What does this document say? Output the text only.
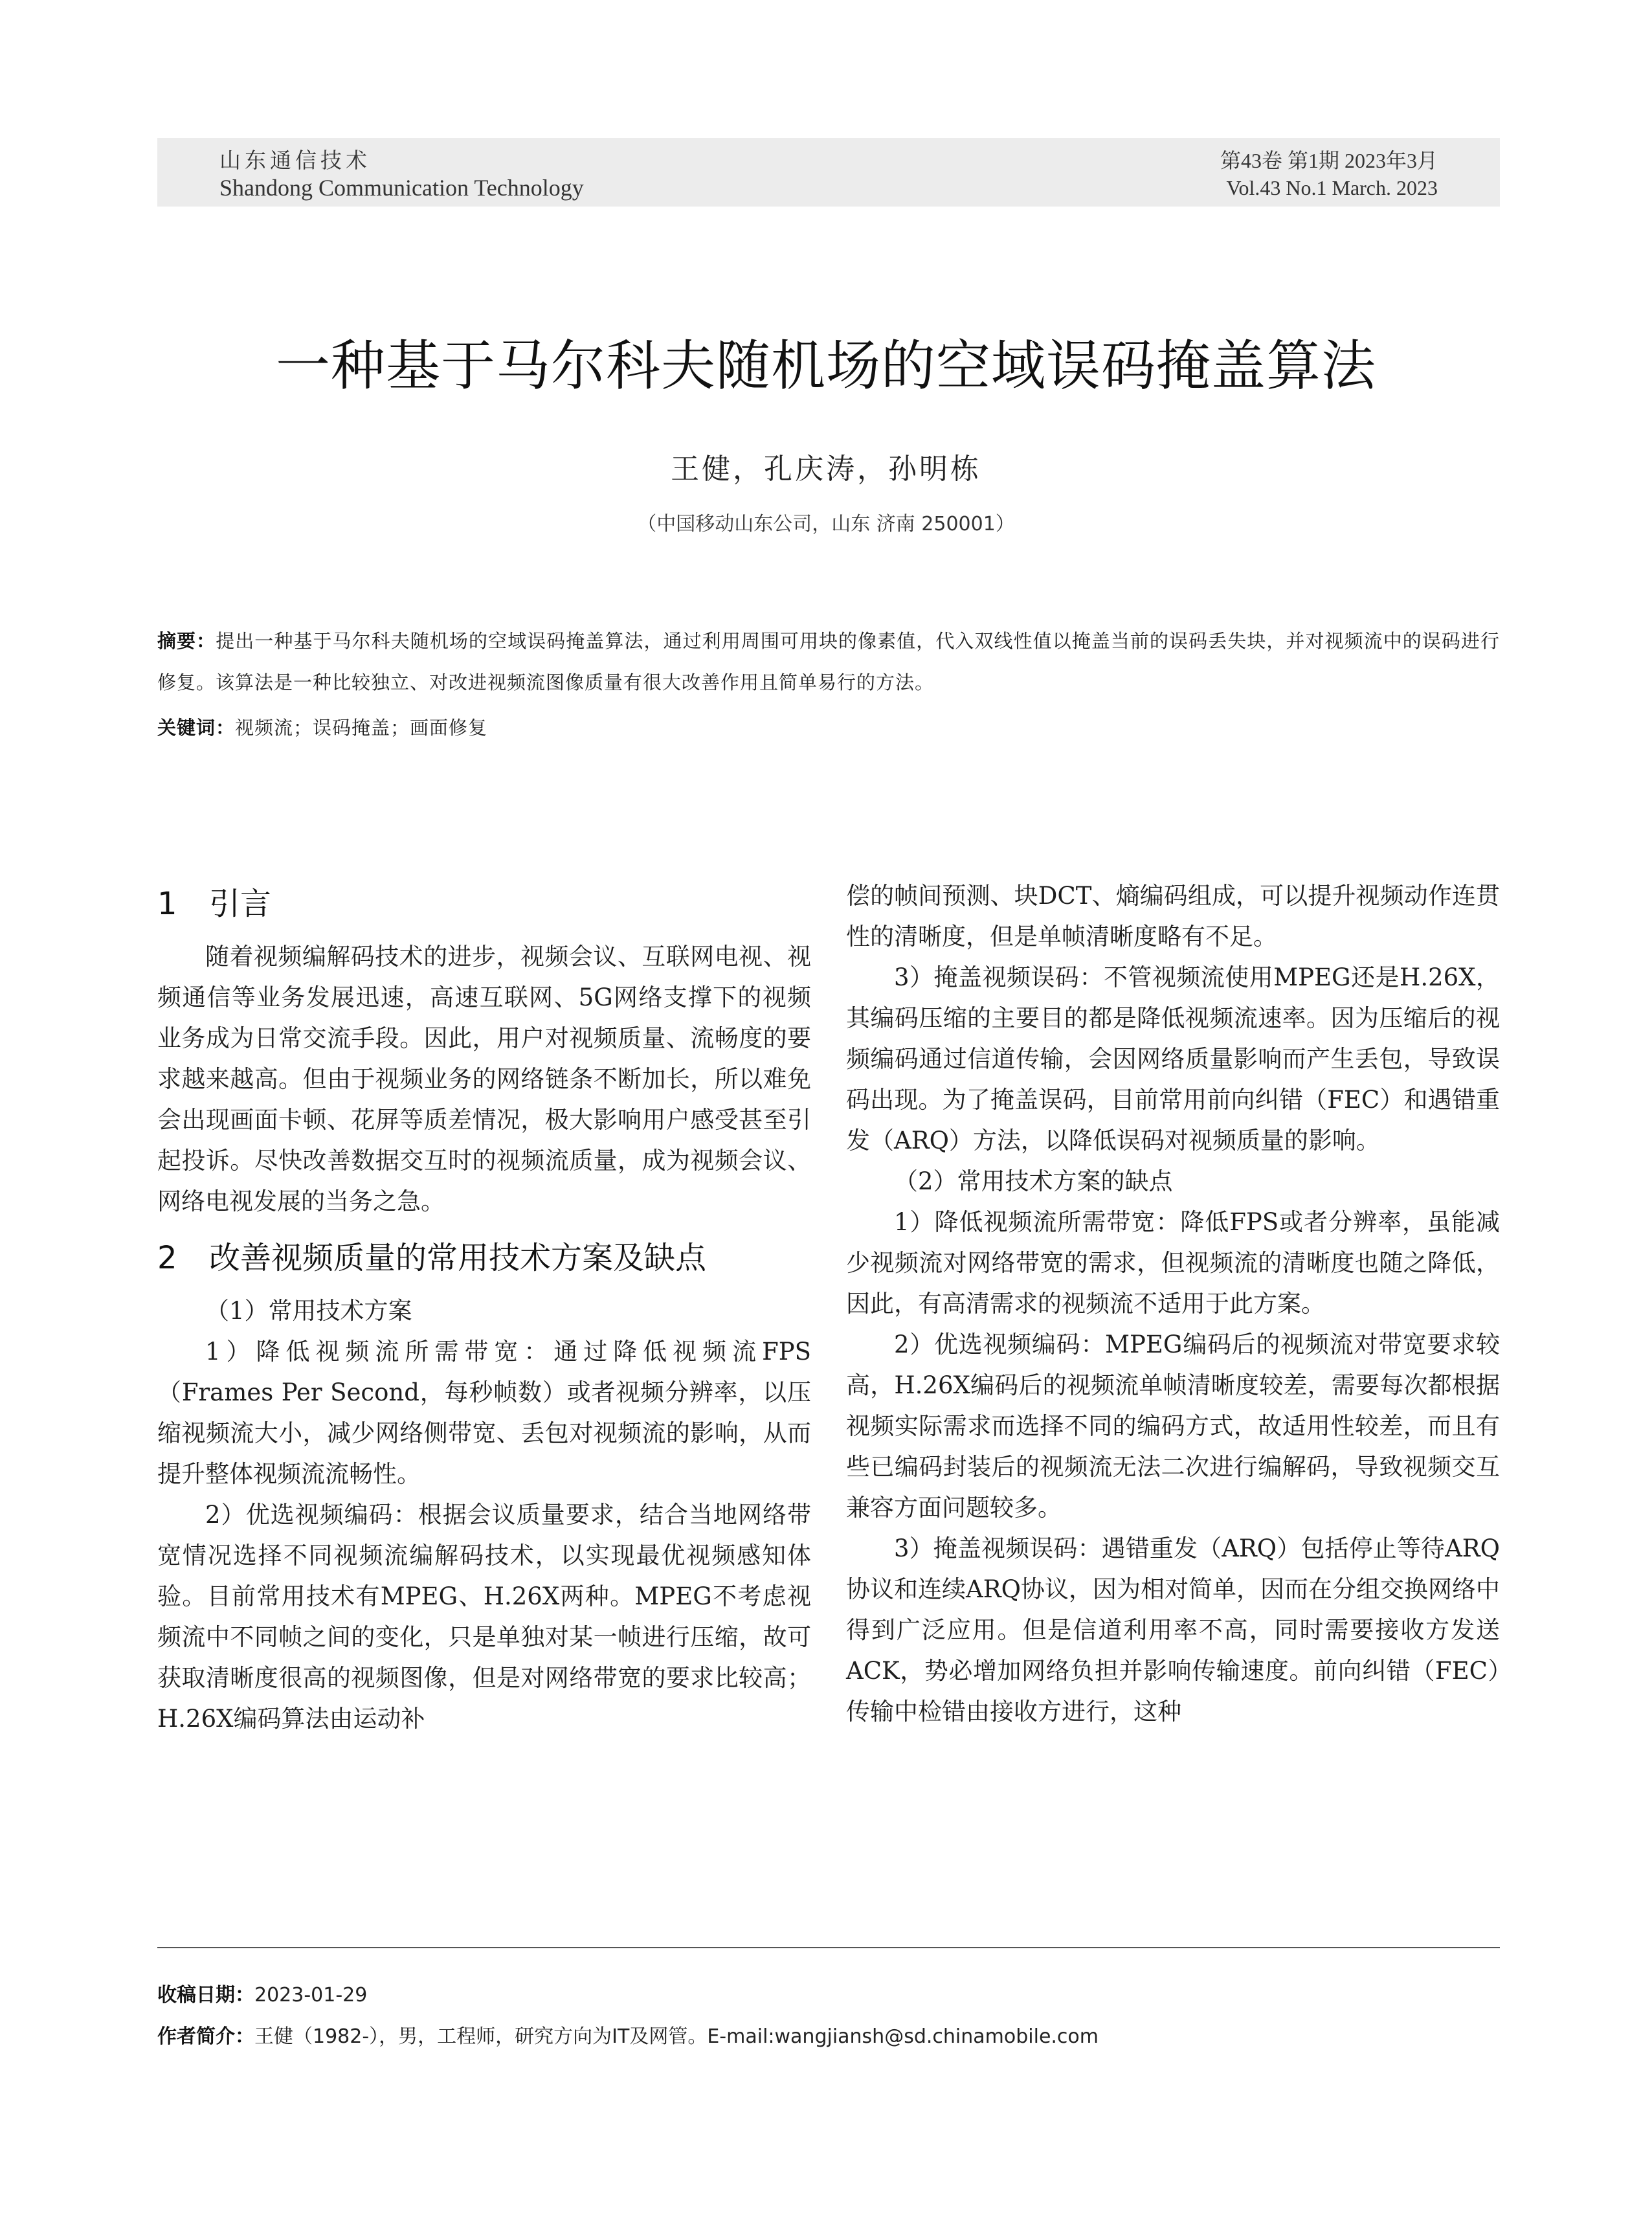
山东通信技术
Shandong Communication Technology
第43卷 第1期 2023年3月
Vol.43 No.1 March. 2023
一种基于马尔科夫随机场的空域误码掩盖算法
王健，孔庆涛，孙明栋
（中国移动山东公司，山东 济南 250001）
摘要：提出一种基于马尔科夫随机场的空域误码掩盖算法，通过利用周围可用块的像素值，代入双线性值以掩盖当前的误码丢失块，并对视频流中的误码进行修复。该算法是一种比较独立、对改进视频流图像质量有很大改善作用且简单易行的方法。
关键词：视频流；误码掩盖；画面修复
1 引言

随着视频编解码技术的进步，视频会议、互联网电视、视频通信等业务发展迅速，高速互联网、5G网络支撑下的视频业务成为日常交流手段。因此，用户对视频质量、流畅度的要求越来越高。但由于视频业务的网络链条不断加长，所以难免会出现画面卡顿、花屏等质差情况，极大影响用户感受甚至引起投诉。尽快改善数据交互时的视频流质量，成为视频会议、网络电视发展的当务之急。

2 改善视频质量的常用技术方案及缺点

（1）常用技术方案

1）降低视频流所需带宽：通过降低视频流FPS（Frames Per Second，每秒帧数）或者视频分辨率，以压缩视频流大小，减少网络侧带宽、丢包对视频流的影响，从而提升整体视频流流畅性。

2）优选视频编码：根据会议质量要求，结合当地网络带宽情况选择不同视频流编解码技术，以实现最优视频感知体验。目前常用技术有MPEG、H.26X两种。MPEG不考虑视频流中不同帧之间的变化，只是单独对某一帧进行压缩，故可获取清晰度很高的视频图像，但是对网络带宽的要求比较高；H.26X编码算法由运动补

偿的帧间预测、块DCT、熵编码组成，可以提升视频动作连贯性的清晰度，但是单帧清晰度略有不足。

3）掩盖视频误码：不管视频流使用MPEG还是H.26X，其编码压缩的主要目的都是降低视频流速率。因为压缩后的视频编码通过信道传输，会因网络质量影响而产生丢包，导致误码出现。为了掩盖误码，目前常用前向纠错（FEC）和遇错重发（ARQ）方法，以降低误码对视频质量的影响。

（2）常用技术方案的缺点

1）降低视频流所需带宽：降低FPS或者分辨率，虽能减少视频流对网络带宽的需求，但视频流的清晰度也随之降低，因此，有高清需求的视频流不适用于此方案。

2）优选视频编码：MPEG编码后的视频流对带宽要求较高，H.26X编码后的视频流单帧清晰度较差，需要每次都根据视频实际需求而选择不同的编码方式，故适用性较差，而且有些已编码封装后的视频流无法二次进行编解码，导致视频交互兼容方面问题较多。

3）掩盖视频误码：遇错重发（ARQ）包括停止等待ARQ协议和连续ARQ协议，因为相对简单，因而在分组交换网络中得到广泛应用。但是信道利用率不高，同时需要接收方发送ACK，势必增加网络负担并影响传输速度。前向纠错（FEC）传输中检错由接收方进行，这种

收稿日期：2023-01-29
作者简介：王健（1982-），男，工程师，研究方向为IT及网管。E-mail:wangjiansh@sd.chinamobile.com
